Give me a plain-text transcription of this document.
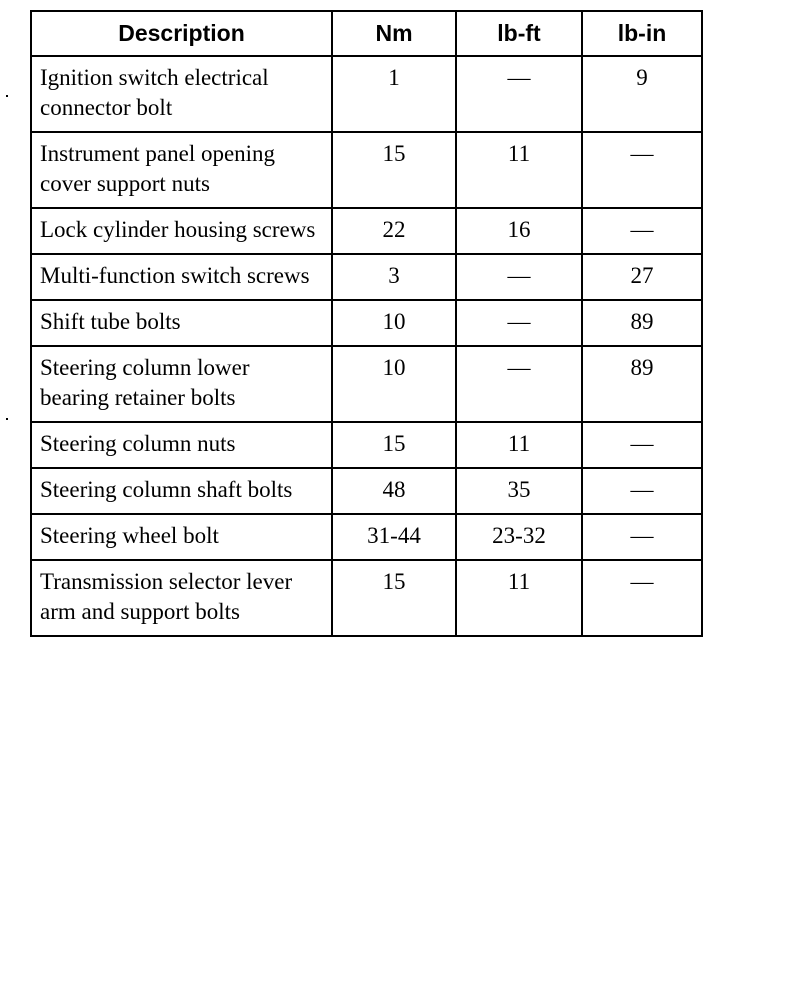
Description	Nm	lb-ft	lb-in
Ignition switch electrical connector bolt	1	—	9
Instrument panel opening cover support nuts	15	11	—
Lock cylinder housing screws	22	16	—
Multi-function switch screws	3	—	27
Shift tube bolts	10	—	89
Steering column lower bearing retainer bolts	10	—	89
Steering column nuts	15	11	—
Steering column shaft bolts	48	35	—
Steering wheel bolt	31-44	23-32	—
Transmission selector lever arm and support bolts	15	11	—
